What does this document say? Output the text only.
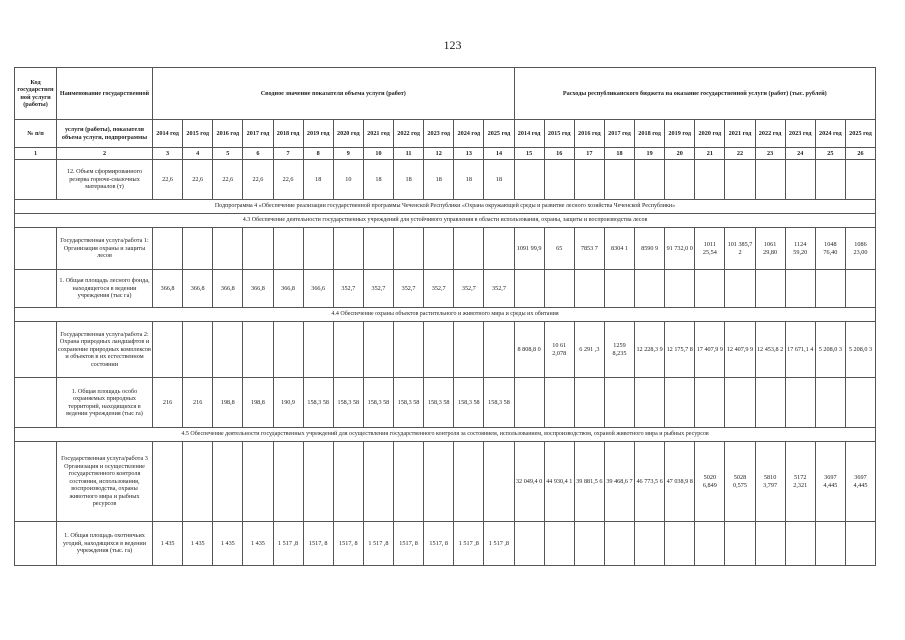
123
Код государственной услуги (работы)	Наименование государственной	Сводное значение показателя объема услуги (работ)												Расходы республиканского бюджета на оказание государственной услуги (работ) (тыс. рублей)											
№ п/п	услуги (работы), показателя объема услуги, подпрограммы	2014 год	2015 год	2016 год	2017 год	2018 год	2019 год	2020 год	2021 год	2022 год	2023 год	2024 год	2025 год	2014 год	2015 год	2016 год	2017 год	2018 год	2019 год	2020 год	2021 год	2022 год	2023 год	2024 год	2025 год
1	2	3	4	5	6	7	8	9	10	11	12	13	14	15	16	17	18	19	20	21	22	23	24	25	26
	12. Объем сформированного резерва горюче-смазочных материалов (т)	22,6	22,6	22,6	22,6	22,6	18	10	18	18	18	18	18												
Подпрограмма 4 «Обеспечение реализации государственной программы Чеченской Республики «Охрана окружающей среды и развитие лесного хозяйства Чеченской Республики»																									
4.3 Обеспечение деятельности государственных учреждений для устойчивого управления в области использования, охраны, защиты и воспроизводства лесов																									
	Государственная услуга/работа 1: Организация охраны и защиты лесов													1091 99,9	65	7853 7	8304 1	8590 9	91 732,0 0	1011 25,54	101 385,7 2	1061 29,80	1124 59,20	1048 76,40	1086 23,00
	1. Общая площадь лесного фонда, находящегося в ведении учреждения (тыс га)	366,8	366,8	366,8	366,8	366,8	366,6	352,7	352,7	352,7	352,7	352,7	352,7												
4.4 Обеспечение охраны объектов растительного и животного мира и среды их обитания																									
	Государственная услуга/работа 2: Охрана природных ландшафтов и сохранение природных комплексов и объектов в их естественном состоянии													8 808,8 0	10 61 2,078	6 291 ,3	1259 8,235	12 228,3 9	12 175,7 8	17 407,9 9	12 407,9 9	12 453,8 2	17 671,1 4	5 208,0 3	5 208,0 3
	1. Общая площадь особо охраняемых природных территорий, находящихся в ведении учреждения (тыс га)	216	216	198,8	198,8	190,9	158,3 58	158,3 58	158,3 58	158,3 58	158,3 58	158,3 58	158,3 58												
4.5 Обеспечение деятельности государственных учреждений для осуществления государственного контроля за состоянием, использованием, воспроизводством, охраной животного мира и рыбных ресурсов																									
	Государственная услуга/работа 3 Организация и осуществление государственного контроля состояния, использования, воспроизводства, охраны животного мира и рыбных ресурсов													32 049,4 0	44 930,4 1	39 881,5 6	39 468,6 7	46 773,5 6	47 038,9 8	5020 6,849	5028 0,575	5810 3,797	5172 2,321	3697 4,445	3697 4,445
	1. Общая площадь охотничьих угодий, находящихся в ведении учреждения (тыс. га)	1 435	1 435	1 435	1 435	1 517 ,8	1517, 8	1517, 8	1 517 ,8	1517, 8	1517, 8	1 517 ,8	1 517 ,8												
